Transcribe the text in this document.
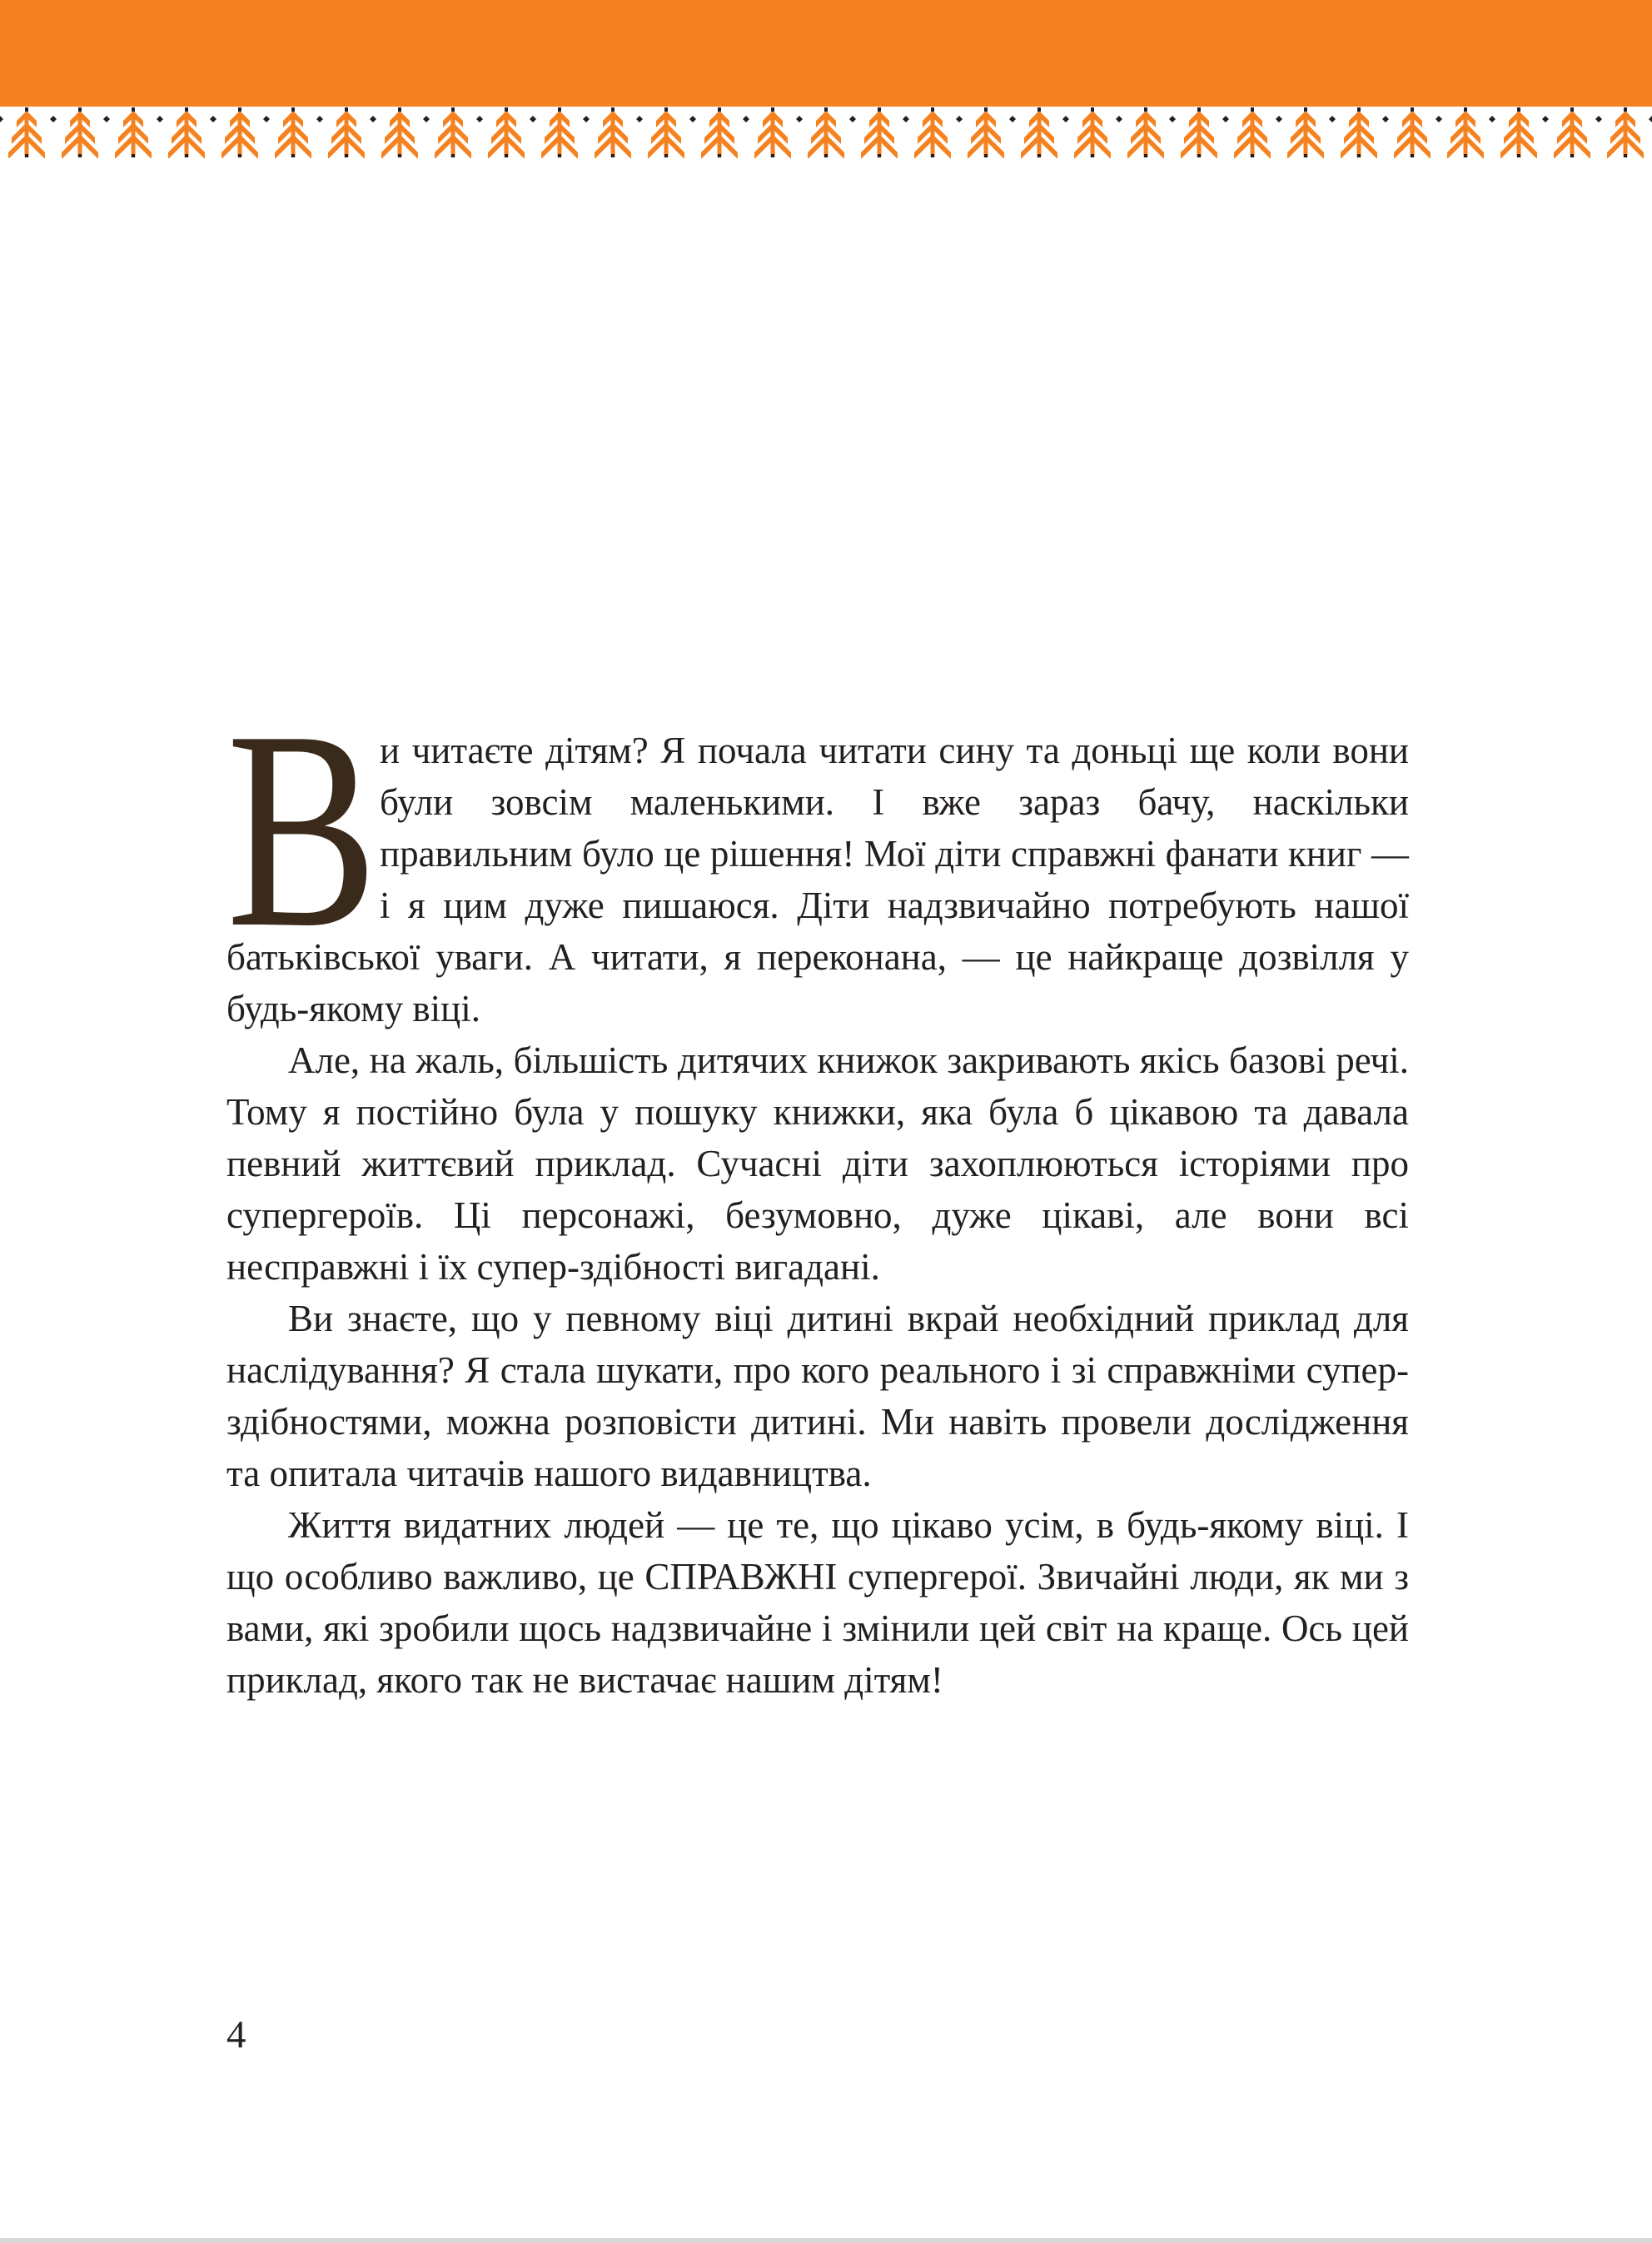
Ви читаєте дітям? Я почала читати сину та доньці ще коли вони були зовсім маленькими. І вже зараз бачу, наскільки правильним було це рішення! Мої діти справжні фанати книг — і я цим дуже пишаюся. Діти надзвичайно потребують нашої батьківської уваги. А читати, я переконана, — це найкраще дозвілля у будь-якому віці.

Але, на жаль, більшість дитячих книжок закривають якісь базові речі. Тому я постійно була у пошуку книжки, яка була б цікавою та давала певний життєвий приклад. Сучасні діти захоплюються історіями про супергероїв. Ці персонажі, безумовно, дуже цікаві, але вони всі несправжні і їх супер-здібності вигадані.

Ви знаєте, що у певному віці дитині вкрай необхідний приклад для наслідування? Я стала шукати, про кого реального і зі справжніми супер-здібностями, можна розповісти дитині. Ми навіть провели дослідження та опитала читачів нашого видавництва.

Життя видатних людей — це те, що цікаво усім, в будь-якому віці. І що особливо важливо, це СПРАВЖНІ супергерої. Звичайні люди, як ми з вами, які зробили щось надзвичайне і змінили цей світ на краще. Ось цей приклад, якого так не вистачає нашим дітям!

4
